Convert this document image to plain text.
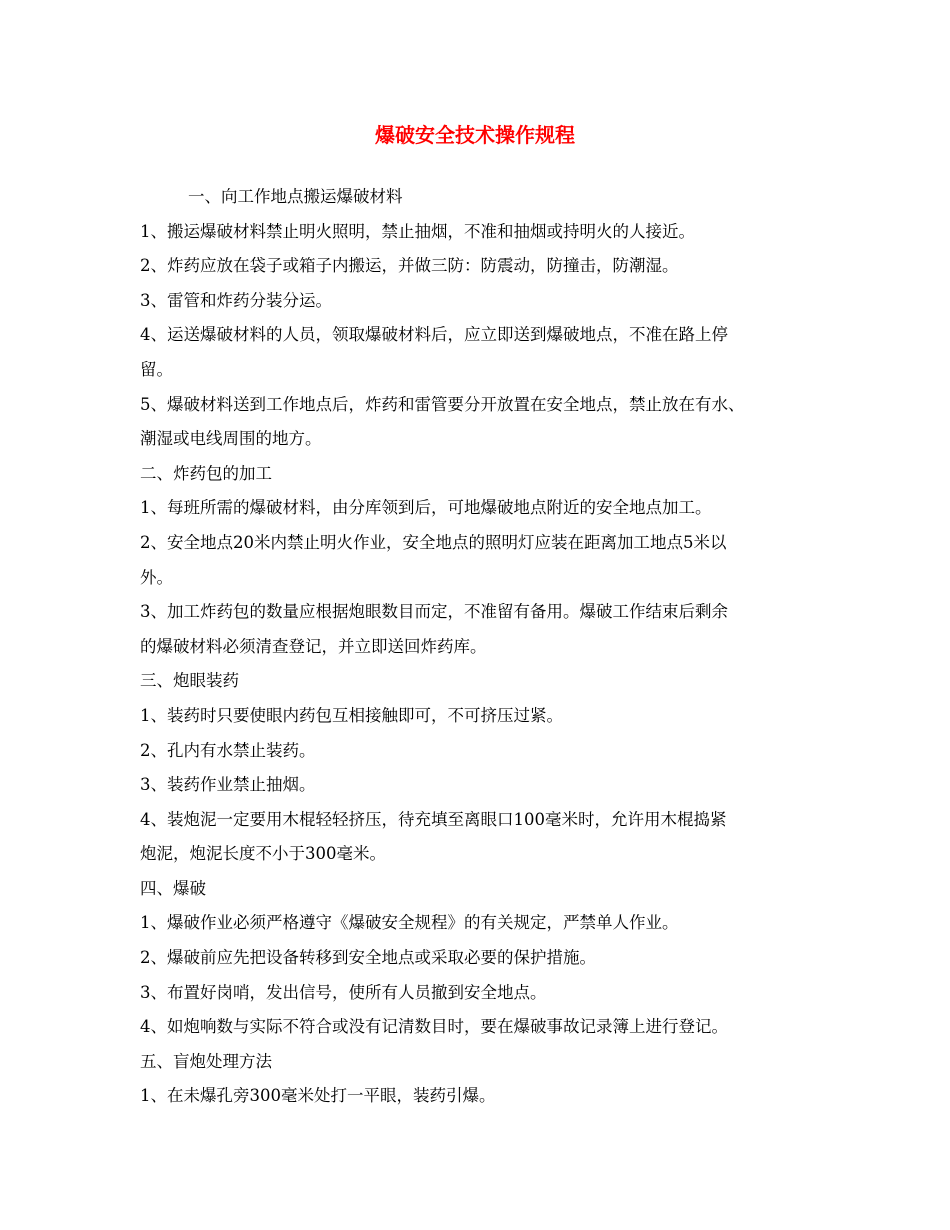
爆破安全技术操作规程

一、向工作地点搬运爆破材料

1、搬运爆破材料禁止明火照明，禁止抽烟，不准和抽烟或持明火的人接近。

2、炸药应放在袋子或箱子内搬运，并做三防：防震动，防撞击，防潮湿。

3、雷管和炸药分装分运。

4、运送爆破材料的人员，领取爆破材料后，应立即送到爆破地点，不准在路上停

留。

5、爆破材料送到工作地点后，炸药和雷管要分开放置在安全地点，禁止放在有水、

潮湿或电线周围的地方。

二、炸药包的加工

1、每班所需的爆破材料，由分库领到后，可地爆破地点附近的安全地点加工。

2、安全地点20米内禁止明火作业，安全地点的照明灯应装在距离加工地点5米以

外。

3、加工炸药包的数量应根据炮眼数目而定，不准留有备用。爆破工作结束后剩余

的爆破材料必须清查登记，并立即送回炸药库。

三、炮眼装药

1、装药时只要使眼内药包互相接触即可，不可挤压过紧。

2、孔内有水禁止装药。

3、装药作业禁止抽烟。

4、装炮泥一定要用木棍轻轻挤压，待充填至离眼口100毫米时，允许用木棍捣紧

炮泥，炮泥长度不小于300毫米。

四、爆破

1、爆破作业必须严格遵守《爆破安全规程》的有关规定，严禁单人作业。

2、爆破前应先把设备转移到安全地点或采取必要的保护措施。

3、布置好岗哨，发出信号，使所有人员撤到安全地点。

4、如炮响数与实际不符合或没有记清数目时，要在爆破事故记录簿上进行登记。

五、盲炮处理方法

1、在未爆孔旁300毫米处打一平眼，装药引爆。
